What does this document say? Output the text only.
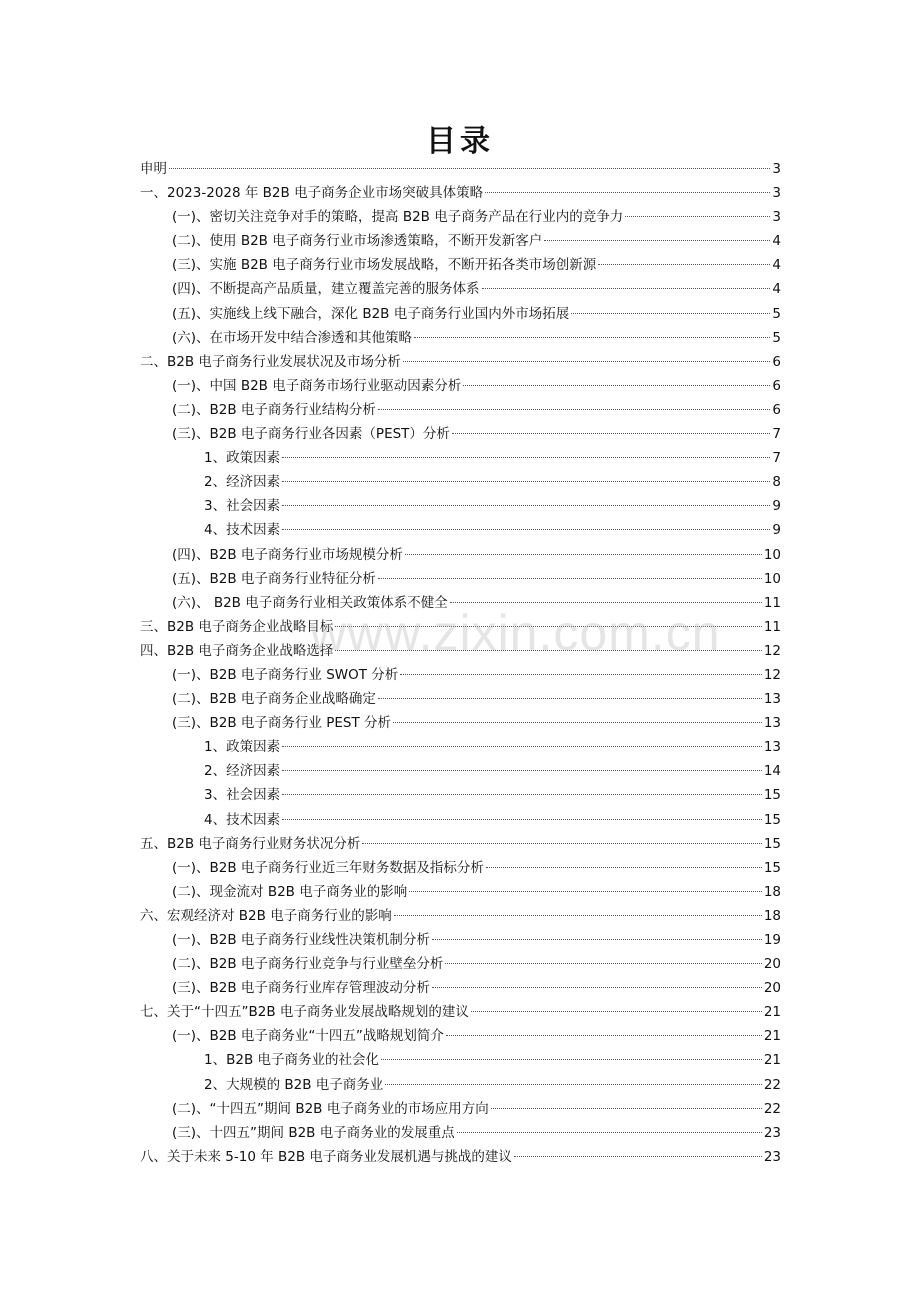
目录
申明	3
一、2023-2028 年 B2B 电子商务企业市场突破具体策略	3
(一)、密切关注竞争对手的策略，提高 B2B 电子商务产品在行业内的竞争力	3
(二)、使用 B2B 电子商务行业市场渗透策略，不断开发新客户	4
(三)、实施 B2B 电子商务行业市场发展战略，不断开拓各类市场创新源	4
(四)、不断提高产品质量，建立覆盖完善的服务体系	4
(五)、实施线上线下融合，深化 B2B 电子商务行业国内外市场拓展	5
(六)、在市场开发中结合渗透和其他策略	5
二、B2B 电子商务行业发展状况及市场分析	6
(一)、中国 B2B 电子商务市场行业驱动因素分析	6
(二)、B2B 电子商务行业结构分析	6
(三)、B2B 电子商务行业各因素（PEST）分析	7
1、政策因素	7
2、经济因素	8
3、社会因素	9
4、技术因素	9
(四)、B2B 电子商务行业市场规模分析	10
(五)、B2B 电子商务行业特征分析	10
(六)、 B2B 电子商务行业相关政策体系不健全	11
三、B2B 电子商务企业战略目标	11
四、B2B 电子商务企业战略选择	12
(一)、B2B 电子商务行业 SWOT 分析	12
(二)、B2B 电子商务企业战略确定	13
(三)、B2B 电子商务行业 PEST 分析	13
1、政策因素	13
2、经济因素	14
3、社会因素	15
4、技术因素	15
五、B2B 电子商务行业财务状况分析	15
(一)、B2B 电子商务行业近三年财务数据及指标分析	15
(二)、现金流对 B2B 电子商务业的影响	18
六、宏观经济对 B2B 电子商务行业的影响	18
(一)、B2B 电子商务行业线性决策机制分析	19
(二)、B2B 电子商务行业竞争与行业壁垒分析	20
(三)、B2B 电子商务行业库存管理波动分析	20
七、关于“十四五”B2B 电子商务业发展战略规划的建议	21
(一)、B2B 电子商务业“十四五”战略规划简介	21
1、B2B 电子商务业的社会化	21
2、大规模的 B2B 电子商务业	22
(二)、“十四五”期间 B2B 电子商务业的市场应用方向	22
(三)、十四五”期间 B2B 电子商务业的发展重点	23
八、关于未来 5-10 年 B2B 电子商务业发展机遇与挑战的建议	23
www.zixin.com.cn
